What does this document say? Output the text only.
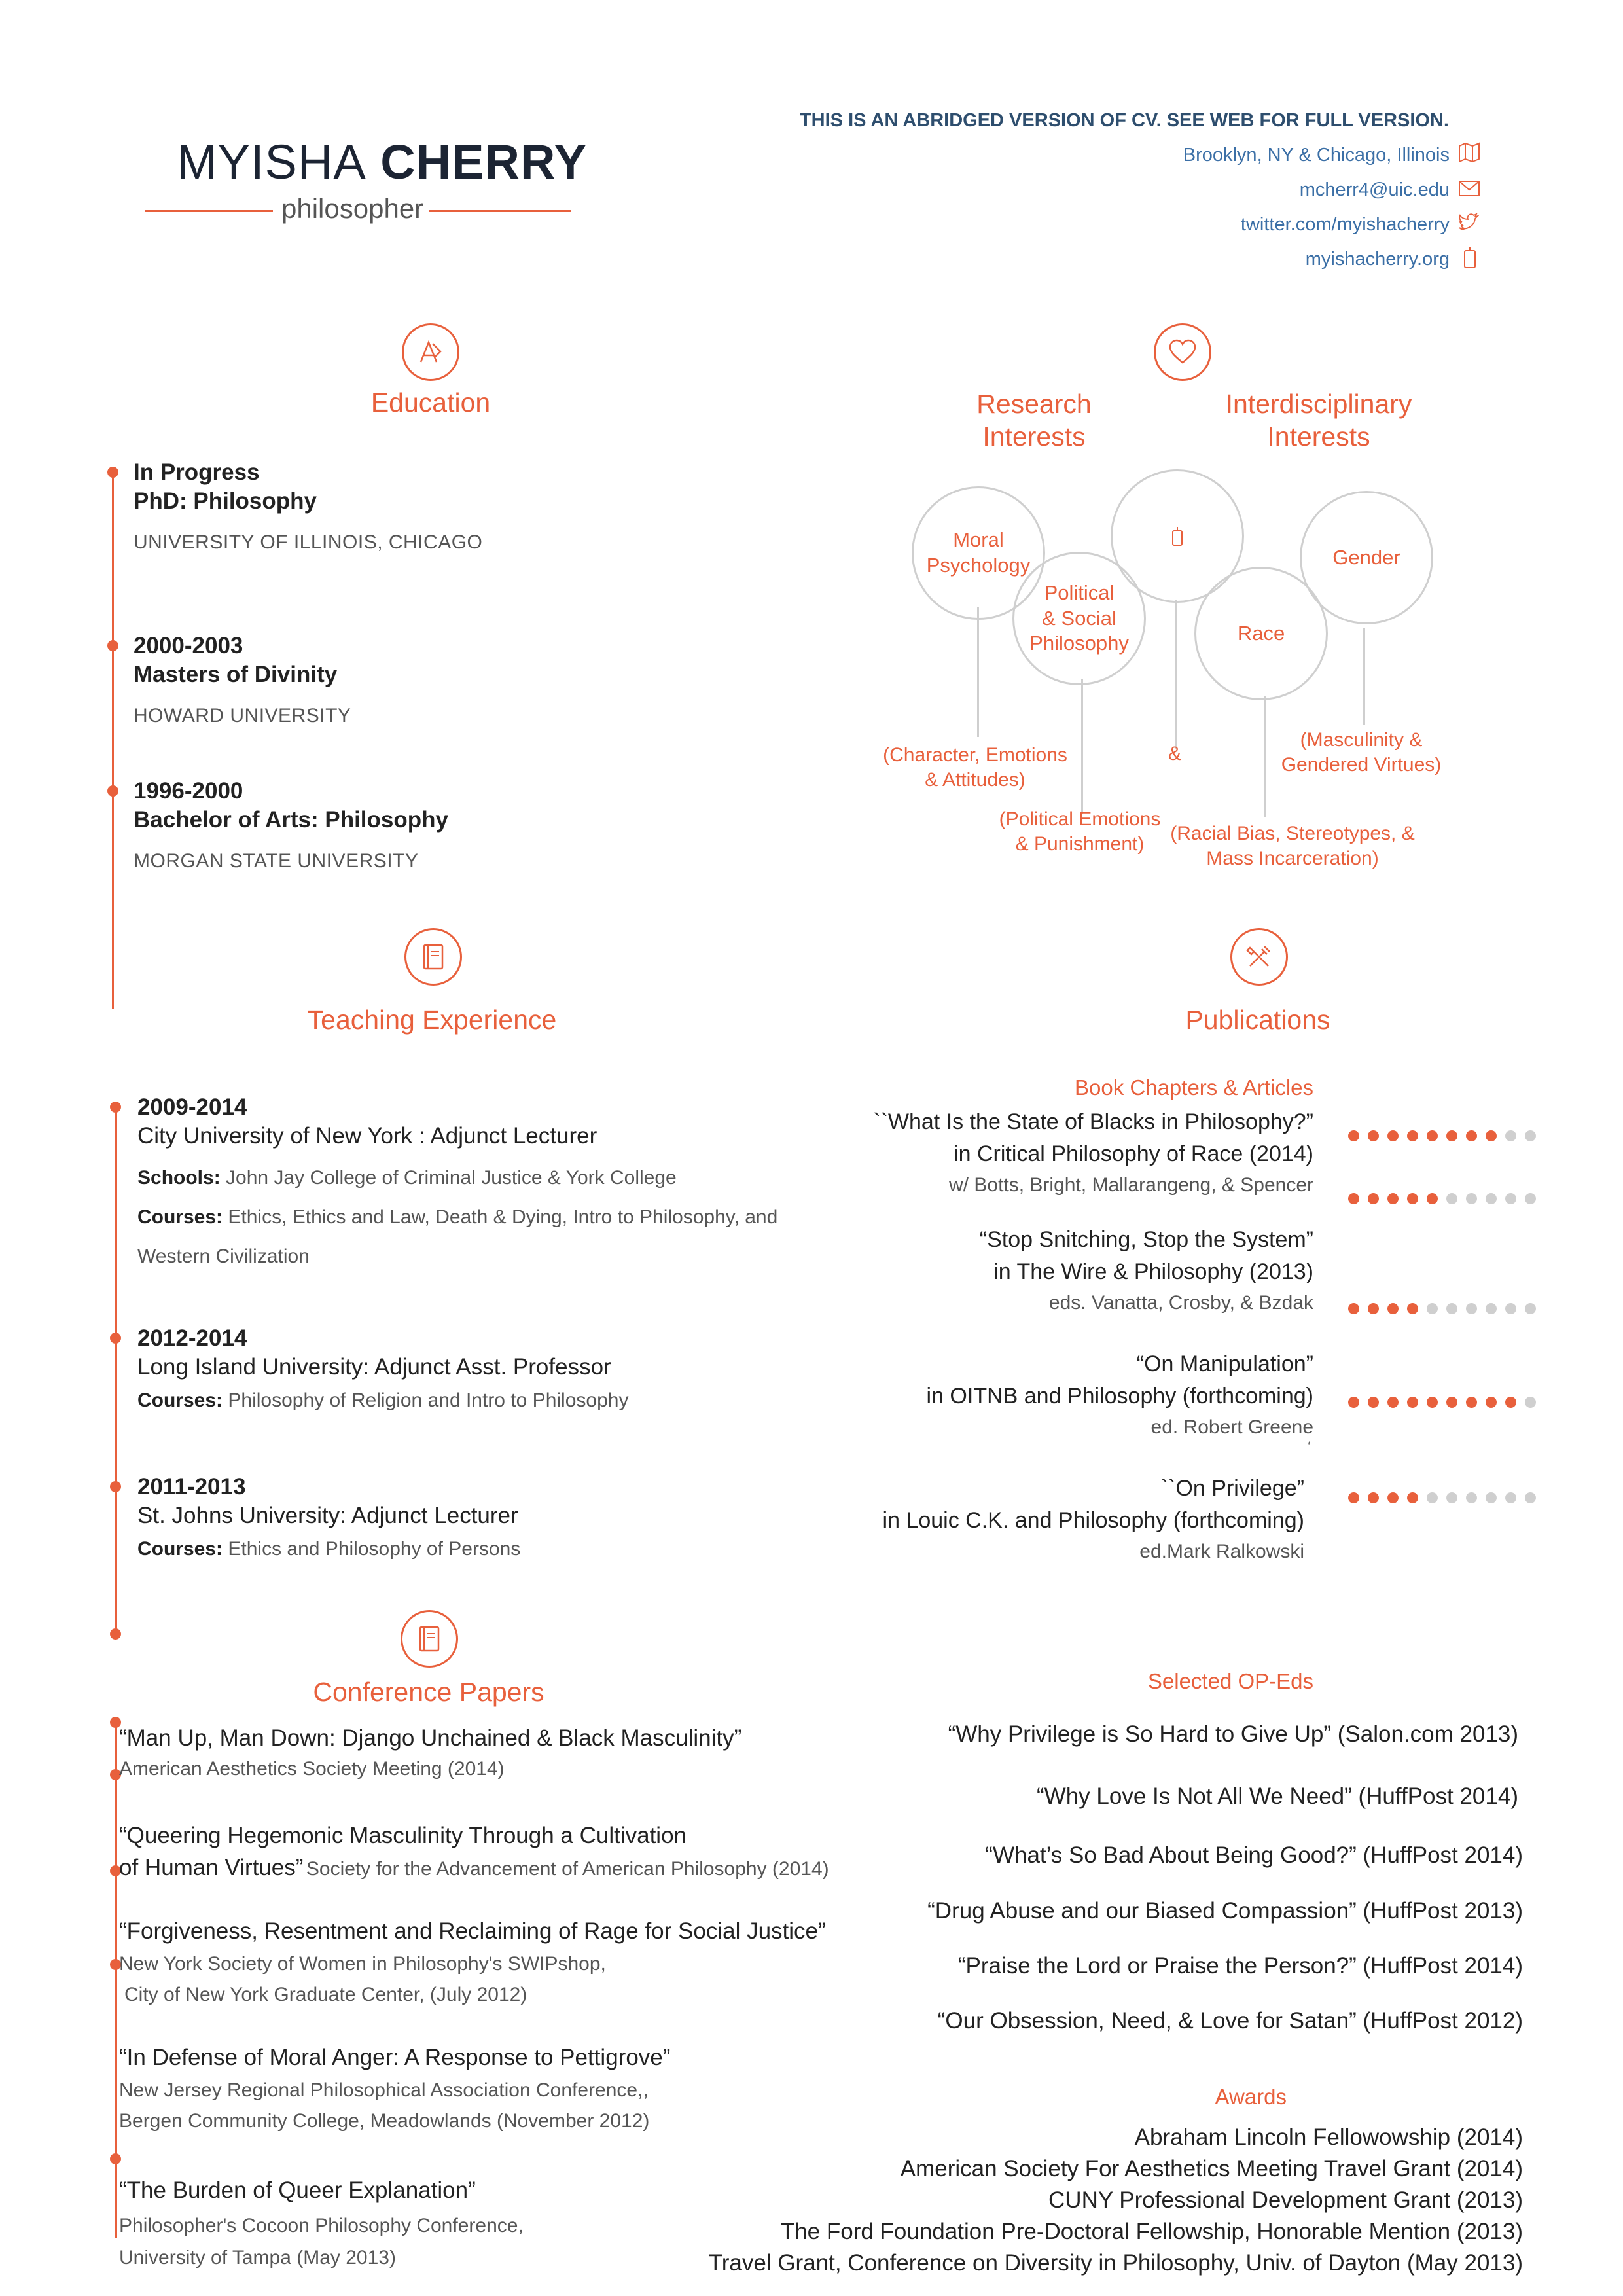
MYISHA CHERRY
philosopher
THIS IS AN ABRIDGED VERSION OF CV. SEE WEB FOR FULL VERSION.
Brooklyn, NY & Chicago, Illinois
mcherr4@uic.edu
twitter.com/myishacherry
myishacherry.org
Education
In Progress
PhD: Philosophy
UNIVERSITY OF ILLINOIS, CHICAGO
2000-2003
Masters of Divinity
HOWARD UNIVERSITY
1996-2000
Bachelor of Arts: Philosophy
MORGAN STATE UNIVERSITY
Research
Interests
Interdisciplinary
Interests
Moral
Psychology
Political
& Social
Philosophy	Race
Gender
(Character, Emotions
& Attitudes)
&
(Political Emotions
& Punishment)	(Racial Bias, Stereotypes, &
Mass Incarceration)
(Masculinity &
Gendered Virtues)
Teaching Experience
2009-2014
City University of New York : Adjunct Lecturer
Schools: John Jay College of Criminal Justice & York College
Courses: Ethics, Ethics and Law, Death & Dying, Intro to Philosophy, and
Western Civilization
2012-2014
Long Island University: Adjunct Asst. Professor
Courses: Philosophy of Religion and Intro to Philosophy
2011-2013
St. Johns University: Adjunct Lecturer
Courses: Ethics and Philosophy of Persons
Conference Papers
“Man Up, Man Down: Django Unchained & Black Masculinity”
American Aesthetics Society Meeting (2014)
“Queering Hegemonic Masculinity Through a Cultivation
of Human Virtues” Society for the Advancement of American Philosophy (2014)
“Forgiveness, Resentment and Reclaiming of Rage for Social Justice”
New York Society of Women in Philosophy's SWIPshop,
City of New York Graduate Center, (July 2012)
“In Defense of Moral Anger: A Response to Pettigrove”
New Jersey Regional Philosophical Association Conference,,
Bergen Community College, Meadowlands (November 2012)
“The Burden of Queer Explanation”
Philosopher's Cocoon Philosophy Conference,
University of Tampa (May 2013)
Publications
Book Chapters & Articles
``What Is the State of Blacks in Philosophy?”
in Critical Philosophy of Race (2014)
w/ Botts, Bright, Mallarangeng, & Spencer
“Stop Snitching, Stop the System”
in The Wire & Philosophy (2013)
eds. Vanatta, Crosby, & Bzdak
“On Manipulation”
in OITNB and Philosophy (forthcoming)
ed. Robert Greene
‘
``On Privilege”
in Louic C.K. and Philosophy (forthcoming)
ed.Mark Ralkowski
Selected OP-Eds
“Why Privilege is So Hard to Give Up” (Salon.com 2013)
“Why Love Is Not All We Need” (HuffPost 2014)
“What’s So Bad About Being Good?” (HuffPost 2014)
“Drug Abuse and our Biased Compassion” (HuffPost 2013)
“Praise the Lord or Praise the Person?” (HuffPost 2014)
“Our Obsession, Need, & Love for Satan” (HuffPost 2012)
Awards
Abraham Lincoln Fellowowship (2014)
American Society For Aesthetics Meeting Travel Grant (2014)
CUNY Professional Development Grant (2013)
The Ford Foundation Pre-Doctoral Fellowship, Honorable Mention (2013)
Travel Grant, Conference on Diversity in Philosophy, Univ. of Dayton (May 2013)
